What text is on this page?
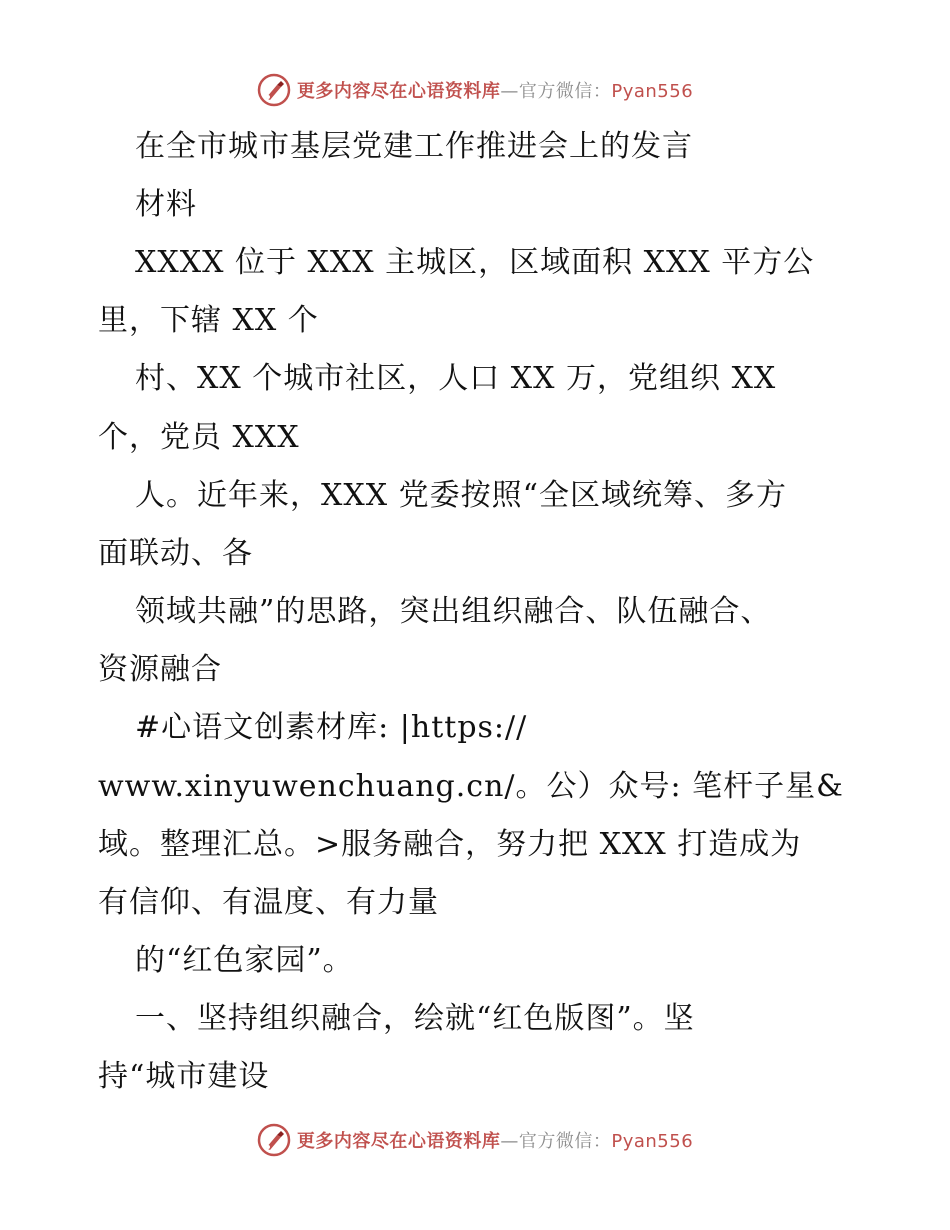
更多内容尽在心语资料库—官方微信：Pyan556
在全市城市基层党建工作推进会上的发言
材料
XXXX 位于 XXX 主城区，区域面积 XXX 平方公
里，下辖 XX 个
村、XX 个城市社区，人口 XX 万，党组织 XX
个，党员 XXX
人。近年来，XXX 党委按照“全区域统筹、多方
面联动、各
领域共融”的思路，突出组织融合、队伍融合、
资源融合
#心语文创素材库: |https://
www.xinyuwenchuang.cn/。公）众号: 笔杆子星&
域。整理汇总。>服务融合，努力把 XXX 打造成为
有信仰、有温度、有力量
的“红色家园”。
一、坚持组织融合，绘就“红色版图”。坚
持“城市建设
更多内容尽在心语资料库—官方微信：Pyan556
